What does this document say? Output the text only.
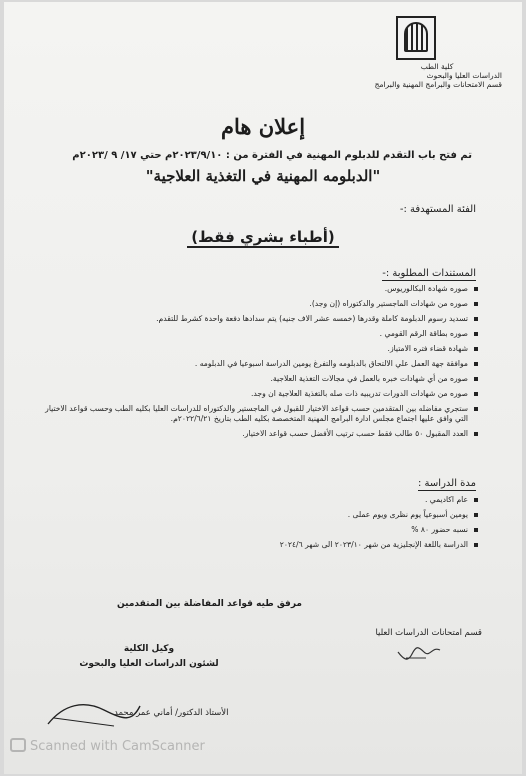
كلية الطب
الدراسات العليا والبحوث
قسم الامتحانات والبرامج المهنية والبرامج
إعلان هام
تم فتح باب التقدم للدبلوم المهنية في الفترة من : ٢٠٢٣/٩/١٠م حتي ١٧/ ٩ /٢٠٢٣م
"الدبلومه المهنية في التغذية العلاجية"
الفئة المستهدفة :-
(أطباء بشري فقط)
المستندات المطلوبة :-
صوره شهادة البكالوريوس.
صوره من شهادات الماجستير والدكتوراه (إن وجد).
تسديد رسوم الدبلومة كاملة وقدرها (خمسه عشر الاف جنيه) يتم سدادها دفعة واحدة كشرط للتقدم.
صوره بطاقة الرقم القومي .
شهادة قضاء فتره الامتياز.
موافقة جهة العمل علي الالتحاق بالدبلومه والتفرغ يومين الدراسة اسبوعيا في الدبلومه .
صوره من أي شهادات خبره بالعمل في مجالات التغذية العلاجية.
صوره من شهادات الدورات تدريبيه ذات صله بالتغذية العلاجية ان وجد.
ستجري مفاضله بين المتقدمين حسب قواعد الاختيار للقبول في الماجستير والدكتوراه للدراسات العليا بكليه الطب وحسب قواعد الاختيار التي وافق عليها اجتماع مجلس ادارة البرامج المهنية المتخصصة بكليه الطب بتاريخ ٢٠٢٢/٦/٢١م.
العدد المقبول ٥٠ طالب فقط حسب ترتيب الأفضل حسب قواعد الاختيار.
مدة الدراسة :
عام اكاديمي .
يومين أسبوعياً يوم نظرى ويوم عملى .
نسبه حضور ٨٠ %
الدراسة باللغة الإنجليزية من شهر ٢٠٢٣/١٠ الى شهر ٢٠٢٤/٦
مرفق طيه قواعد المفاضلة بين المتقدمين
قسم امتحانات الدراسات العليا
وكيل الكلية
لشئون الدراسات العليا والبحوث
الأستاذ الدكتور/ أماني عمر محمد
Scanned with CamScanner
